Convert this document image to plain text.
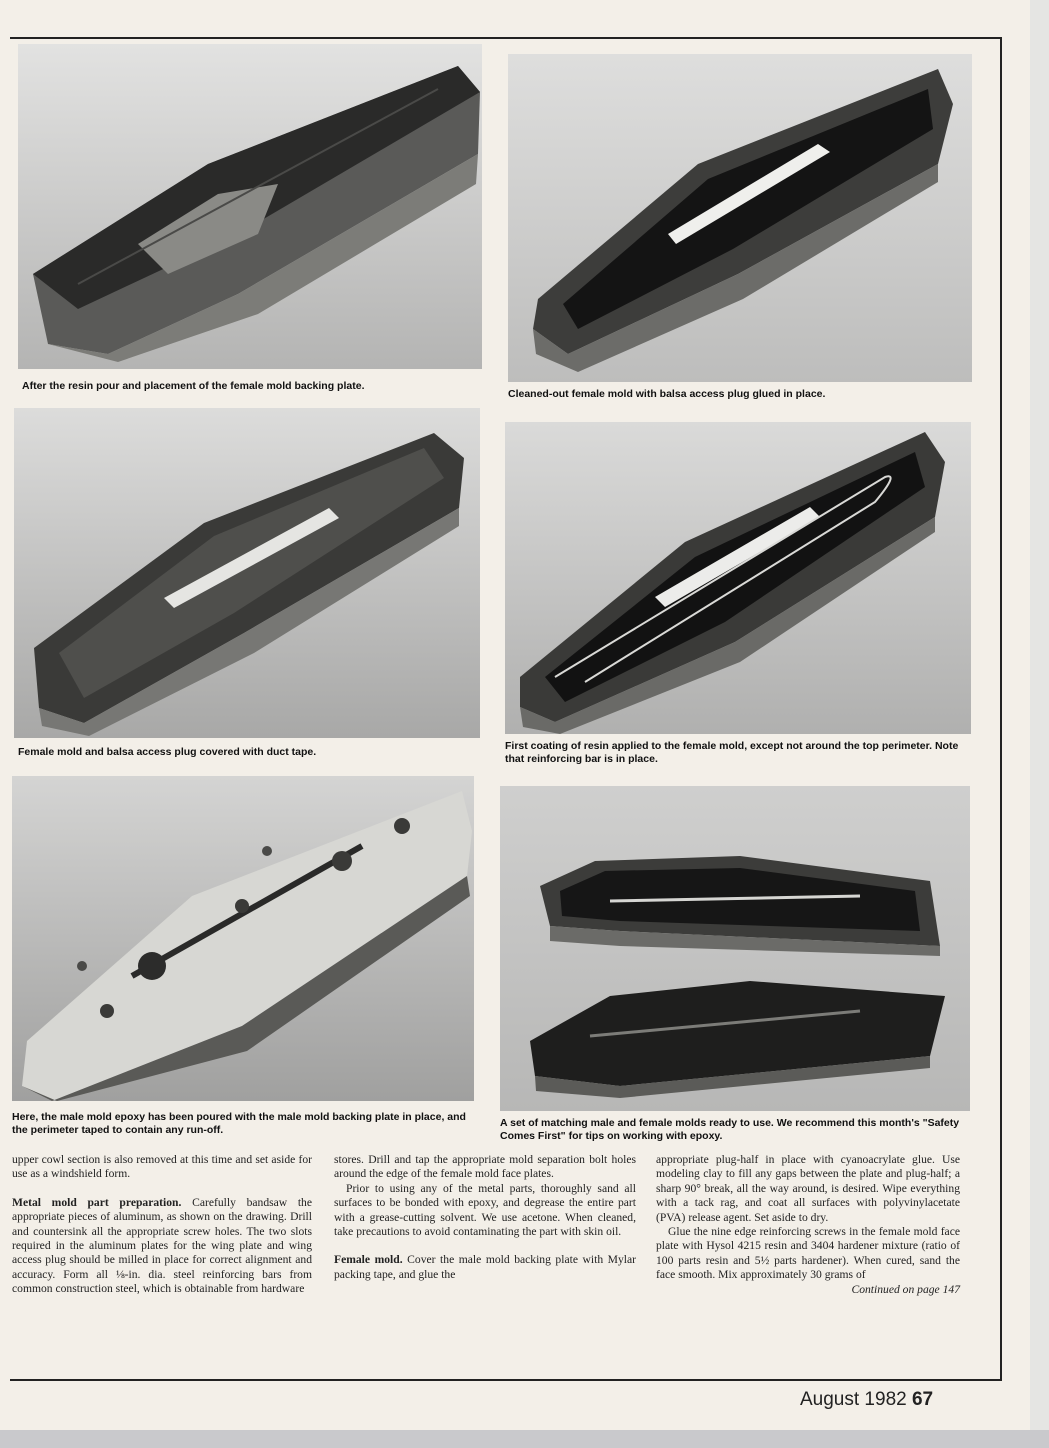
After the resin pour and placement of the female mold backing plate.
Cleaned-out female mold with balsa access plug glued in place.
Female mold and balsa access plug covered with duct tape.	First coating of resin applied to the female mold, except not around the top perimeter. Note that reinforcing bar is in place.
Here, the male mold epoxy has been poured with the male mold backing plate in place, and the perimeter taped to contain any run-off.
A set of matching male and female molds ready to use. We recommend this month's "Safety Comes First" for tips on working with epoxy.

upper cowl section is also removed at this time and set aside for use as a windshield form.

Metal mold part preparation. Carefully bandsaw the appropriate pieces of aluminum, as shown on the drawing. Drill and countersink all the appropriate screw holes. The two slots required in the aluminum plates for the wing plate and wing access plug should be milled in place for correct alignment and accuracy. Form all ⅛-in. dia. steel reinforcing bars from common construction steel, which is obtainable from hardware

stores. Drill and tap the appropriate mold separation bolt holes around the edge of the female mold face plates.

Prior to using any of the metal parts, thoroughly sand all surfaces to be bonded with epoxy, and degrease the entire part with a grease-cutting solvent. We use acetone. When cleaned, take precautions to avoid contaminating the part with skin oil.

Female mold. Cover the male mold backing plate with Mylar packing tape, and glue the

appropriate plug-half in place with cyanoacrylate glue. Use modeling clay to fill any gaps between the plate and plug-half; a sharp 90° break, all the way around, is desired. Wipe everything with a tack rag, and coat all surfaces with polyvinylacetate (PVA) release agent. Set aside to dry.

Glue the nine edge reinforcing screws in the female mold face plate with Hysol 4215 resin and 3404 hardener mixture (ratio of 100 parts resin and 5½ parts hardener). When cured, sand the face smooth. Mix approximately 30 grams of

Continued on page 147

August 1982 67
